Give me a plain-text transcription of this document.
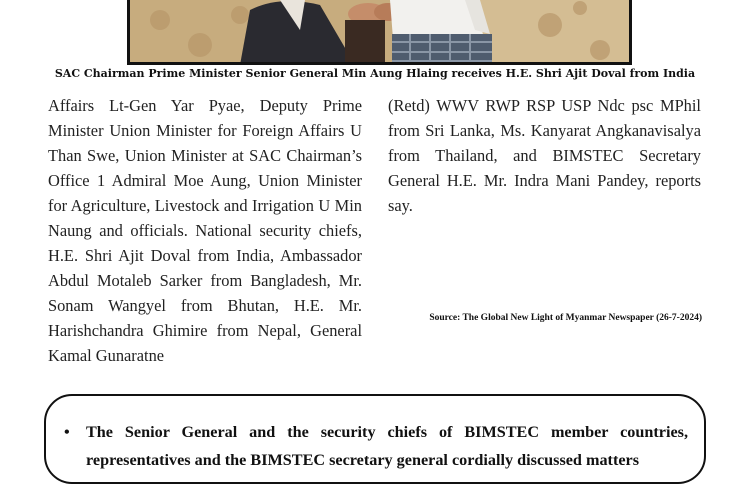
SAC Chairman Prime Minister Senior General Min Aung Hlaing receives H.E. Shri Ajit Doval from India
Affairs Lt-Gen Yar Pyae, Deputy Prime Minister Union Minister for Foreign Affairs U Than Swe, Union Minister at SAC Chairman’s Office 1 Admiral Moe Aung, Union Minister for Agriculture, Livestock and Irrigation U Min Naung and officials. National security chiefs, H.E. Shri Ajit Doval from India, Ambassador Abdul Motaleb Sarker from Bangladesh, Mr. Sonam Wangyel from Bhutan, H.E. Mr. Harishchandra Ghimire from Nepal, General Kamal Gunaratne
(Retd) WWV RWP RSP USP Ndc psc MPhil from Sri Lanka, Ms. Kanyarat Angkanavisalya from Thailand, and BIMSTEC Secretary General H.E. Mr. Indra Mani Pandey, reports say.
Source: The Global New Light of Myanmar Newspaper (26-7-2024)
• The Senior General and the security chiefs of BIMSTEC member countries, representatives and the BIMSTEC secretary general cordially discussed matters
